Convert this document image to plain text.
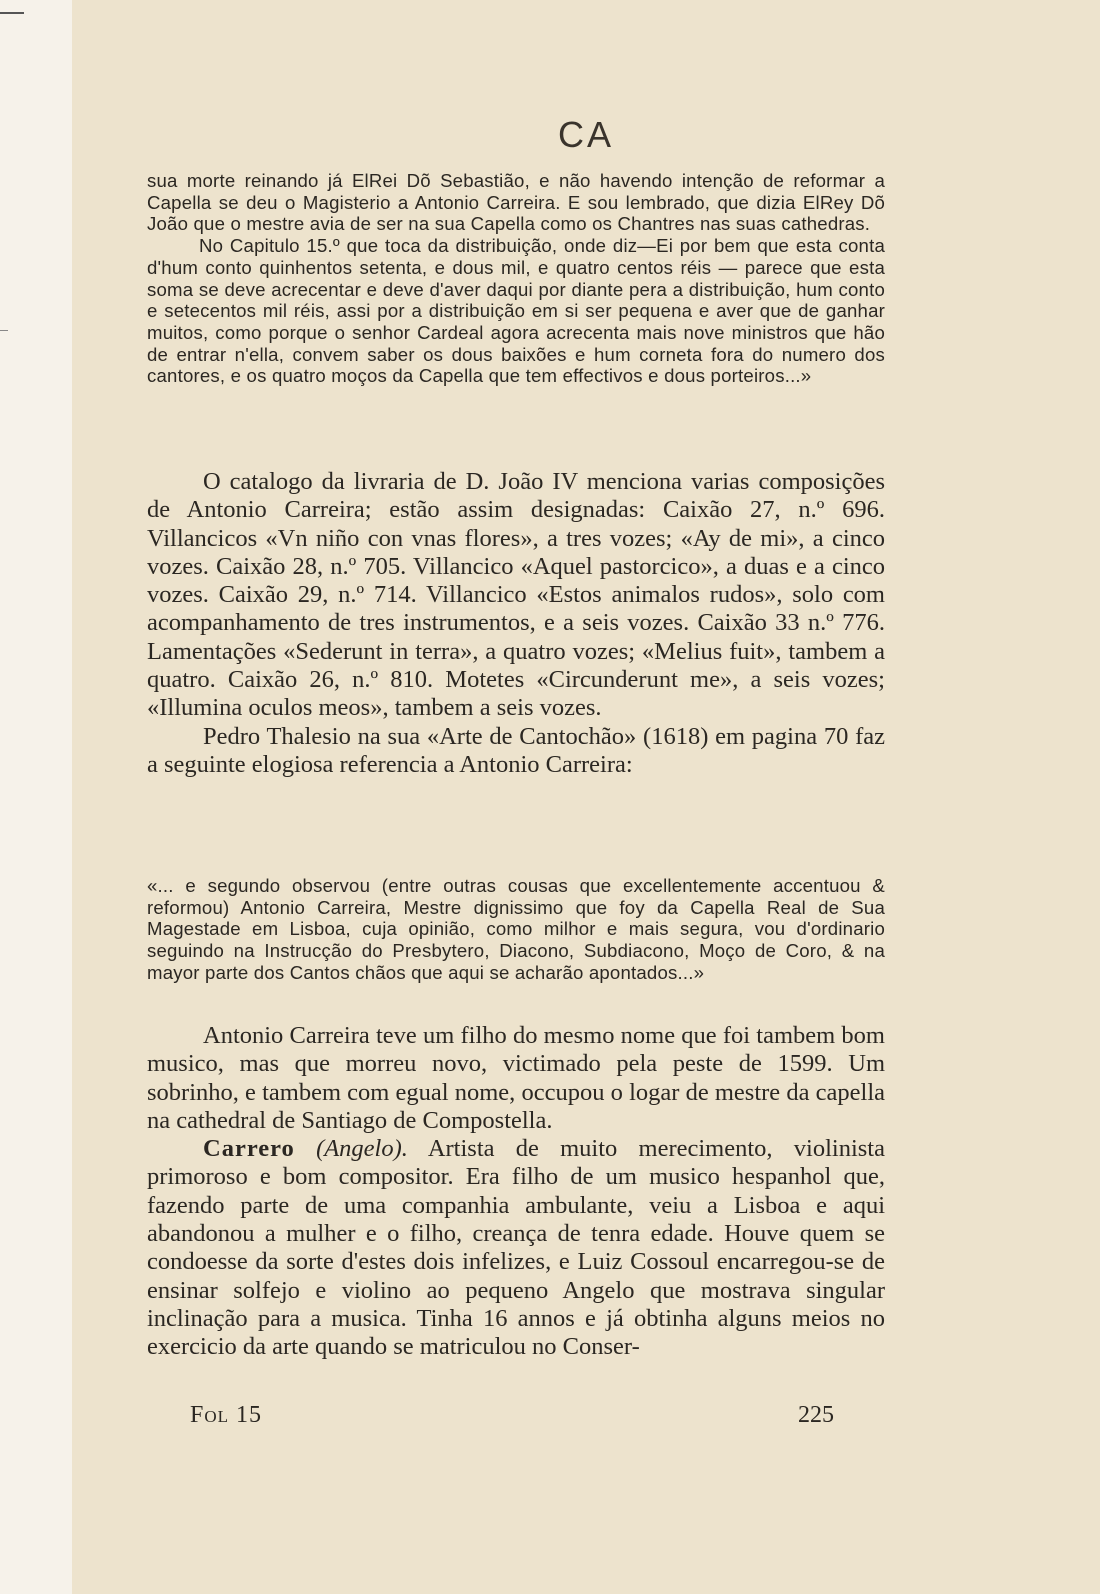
CA

sua morte reinando já ElRei Dõ Sebastião, e não havendo intenção de reformar a Capella se deu o Magisterio a Antonio Carreira. E sou lembrado, que dizia ElRey Dõ João que o mestre avia de ser na sua Capella como os Chantres nas suas cathedras.

No Capitulo 15.º que toca da distribuição, onde diz—Ei por bem que esta conta d'hum conto quinhentos setenta, e dous mil, e quatro centos réis — parece que esta soma se deve acrecentar e deve d'aver daqui por diante pera a distribuição, hum conto e setecentos mil réis, assi por a distribuição em si ser pequena e aver que de ganhar muitos, como porque o senhor Cardeal agora acrecenta mais nove ministros que hão de entrar n'ella, convem saber os dous baixões e hum corneta fora do numero dos cantores, e os quatro moços da Capella que tem effectivos e dous porteiros...»

O catalogo da livraria de D. João IV menciona varias composições de Antonio Carreira; estão assim designadas: Caixão 27, n.º 696. Villancicos «Vn niño con vnas flores», a tres vozes; «Ay de mi», a cinco vozes. Caixão 28, n.º 705. Villancico «Aquel pastorcico», a duas e a cinco vozes. Caixão 29, n.º 714. Villancico «Estos animalos rudos», solo com acompanhamento de tres instrumentos, e a seis vozes. Caixão 33 n.º 776. Lamentações «Sederunt in terra», a quatro vozes; «Melius fuit», tambem a quatro. Caixão 26, n.º 810. Motetes «Circunderunt me», a seis vozes; «Illumina oculos meos», tambem a seis vozes.

Pedro Thalesio na sua «Arte de Cantochão» (1618) em pagina 70 faz a seguinte elogiosa referencia a Antonio Carreira:

«... e segundo observou (entre outras cousas que excellentemente accentuou & reformou) Antonio Carreira, Mestre dignissimo que foy da Capella Real de Sua Magestade em Lisboa, cuja opinião, como milhor e mais segura, vou d'ordinario seguindo na Instrucção do Presbytero, Diacono, Subdiacono, Moço de Coro, & na mayor parte dos Cantos chãos que aqui se acharão apontados...»

Antonio Carreira teve um filho do mesmo nome que foi tambem bom musico, mas que morreu novo, victimado pela peste de 1599. Um sobrinho, e tambem com egual nome, occupou o logar de mestre da capella na cathedral de Santiago de Compostella.

Carrero (Angelo). Artista de muito merecimento, violinista primoroso e bom compositor. Era filho de um musico hespanhol que, fazendo parte de uma companhia ambulante, veiu a Lisboa e aqui abandonou a mulher e o filho, creança de tenra edade. Houve quem se condoesse da sorte d'estes dois infelizes, e Luiz Cossoul encarregou-se de ensinar solfejo e violino ao pequeno Angelo que mostrava singular inclinação para a musica. Tinha 16 annos e já obtinha alguns meios no exercicio da arte quando se matriculou no Conser-

Fol 15	225
